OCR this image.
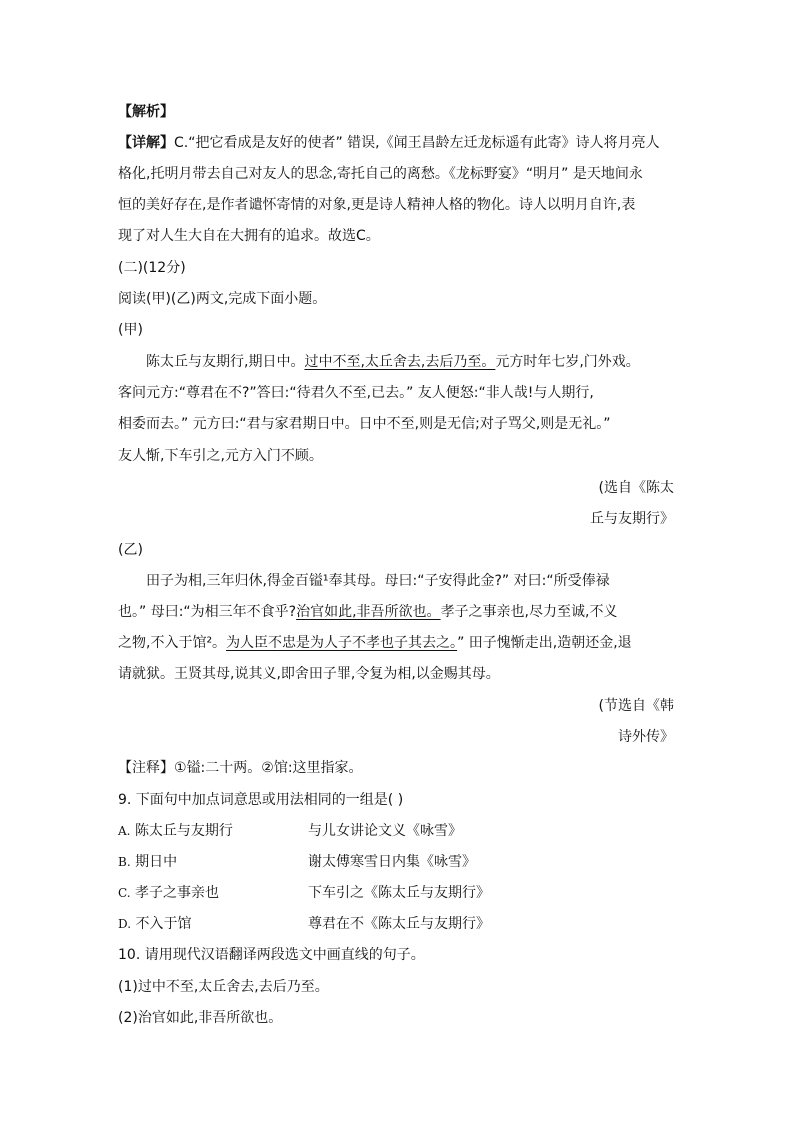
【解析】
【详解】C.“把它看成是友好的使者” 错误,《闻王昌龄左迁龙标遥有此寄》诗人将月亮人
格化,托明月带去自己对友人的思念,寄托自己的离愁。《龙标野宴》“明月” 是天地间永
恒的美好存在,是作者谴怀寄情的对象,更是诗人精神人格的物化。诗人以明月自许,表
现了对人生大自在大拥有的追求。故选C。
(二)(12分)
阅读(甲)(乙)两文,完成下面小题。
(甲)
陈太丘与友期行,期日中。过中不至,太丘舍去,去后乃至。元方时年七岁,门外戏。
客问元方:“尊君在不?”答曰:“待君久不至,已去。” 友人便怒:“非人哉!与人期行,
相委而去。” 元方曰:“君与家君期日中。日中不至,则是无信;对子骂父,则是无礼。”
友人惭,下车引之,元方入门不顾。
(选自《陈太
丘与友期行》
(乙)
田子为相,三年归休,得金百镒¹奉其母。母曰:“子安得此金?” 对曰:“所受俸禄
也。” 母曰:“为相三年不食乎?治官如此,非吾所欲也。孝子之事亲也,尽力至诚,不义
之物,不入于馆²。为人臣不忠是为人子不孝也子其去之。” 田子愧惭走出,造朝还金,退
请就狱。王贤其母,说其义,即舍田子罪,令复为相,以金赐其母。
(节选自《韩
诗外传》
【注释】①镒:二十两。②馆:这里指家。
9. 下面句中加点词意思或用法相同的一组是( )
A. 陈太丘与友期行	与儿女讲论文义《咏雪》
B. 期日中	谢太傅寒雪日内集《咏雪》
C. 孝子之事亲也	下车引之《陈太丘与友期行》
D. 不入于馆	尊君在不《陈太丘与友期行》
10. 请用现代汉语翻译两段选文中画直线的句子。
(1)过中不至,太丘舍去,去后乃至。
(2)治官如此,非吾所欲也。
